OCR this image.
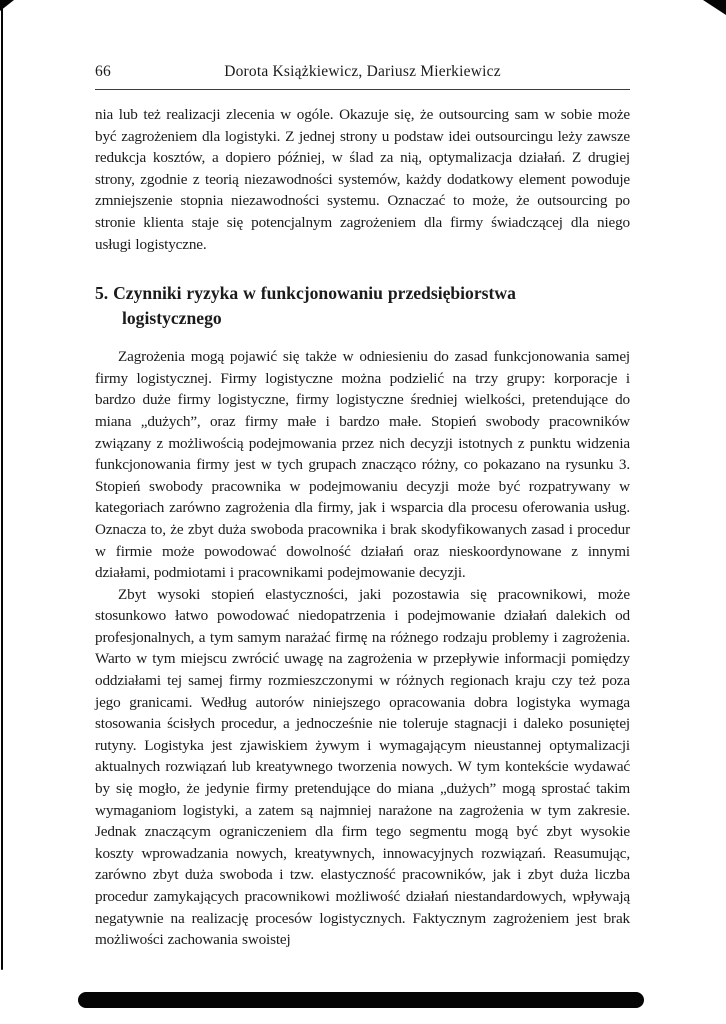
66	Dorota Książkiewicz, Dariusz Mierkiewicz

nia lub też realizacji zlecenia w ogóle. Okazuje się, że outsourcing sam w sobie może być zagrożeniem dla logistyki. Z jednej strony u podstaw idei outsourcingu leży zawsze redukcja kosztów, a dopiero później, w ślad za nią, optymalizacja działań. Z drugiej strony, zgodnie z teorią niezawodności systemów, każdy dodatkowy element powoduje zmniejszenie stopnia niezawodności systemu. Oznaczać to może, że outsourcing po stronie klienta staje się potencjalnym zagrożeniem dla firmy świadczącej dla niego usługi logistyczne.

5. Czynniki ryzyka w funkcjonowaniu przedsiębiorstwa logistycznego

Zagrożenia mogą pojawić się także w odniesieniu do zasad funkcjonowania samej firmy logistycznej. Firmy logistyczne można podzielić na trzy grupy: korporacje i bardzo duże firmy logistyczne, firmy logistyczne średniej wielkości, pretendujące do miana „dużych”, oraz firmy małe i bardzo małe. Stopień swobody pracowników związany z możliwością podejmowania przez nich decyzji istotnych z punktu widzenia funkcjonowania firmy jest w tych grupach znacząco różny, co pokazano na rysunku 3. Stopień swobody pracownika w podejmowaniu decyzji może być rozpatrywany w kategoriach zarówno zagrożenia dla firmy, jak i wsparcia dla procesu oferowania usług. Oznacza to, że zbyt duża swoboda pracownika i brak skodyfikowanych zasad i procedur w firmie może powodować dowolność działań oraz nieskoordynowane z innymi działami, podmiotami i pracownikami podejmowanie decyzji.

Zbyt wysoki stopień elastyczności, jaki pozostawia się pracownikowi, może stosunkowo łatwo powodować niedopatrzenia i podejmowanie działań dalekich od profesjonalnych, a tym samym narażać firmę na różnego rodzaju problemy i zagrożenia. Warto w tym miejscu zwrócić uwagę na zagrożenia w przepływie informacji pomiędzy oddziałami tej samej firmy rozmieszczonymi w różnych regionach kraju czy też poza jego granicami. Według autorów niniejszego opracowania dobra logistyka wymaga stosowania ścisłych procedur, a jednocześnie nie toleruje stagnacji i daleko posuniętej rutyny. Logistyka jest zjawiskiem żywym i wymagającym nieustannej optymalizacji aktualnych rozwiązań lub kreatywnego tworzenia nowych. W tym kontekście wydawać by się mogło, że jedynie firmy pretendujące do miana „dużych” mogą sprostać takim wymaganiom logistyki, a zatem są najmniej narażone na zagrożenia w tym zakresie. Jednak znaczącym ograniczeniem dla firm tego segmentu mogą być zbyt wysokie koszty wprowadzania nowych, kreatywnych, innowacyjnych rozwiązań. Reasumując, zarówno zbyt duża swoboda i tzw. elastyczność pracowników, jak i zbyt duża liczba procedur zamykających pracownikowi możliwość działań niestandardowych, wpływają negatywnie na realizację procesów logistycznych. Faktycznym zagrożeniem jest brak możliwości zachowania swoistej
